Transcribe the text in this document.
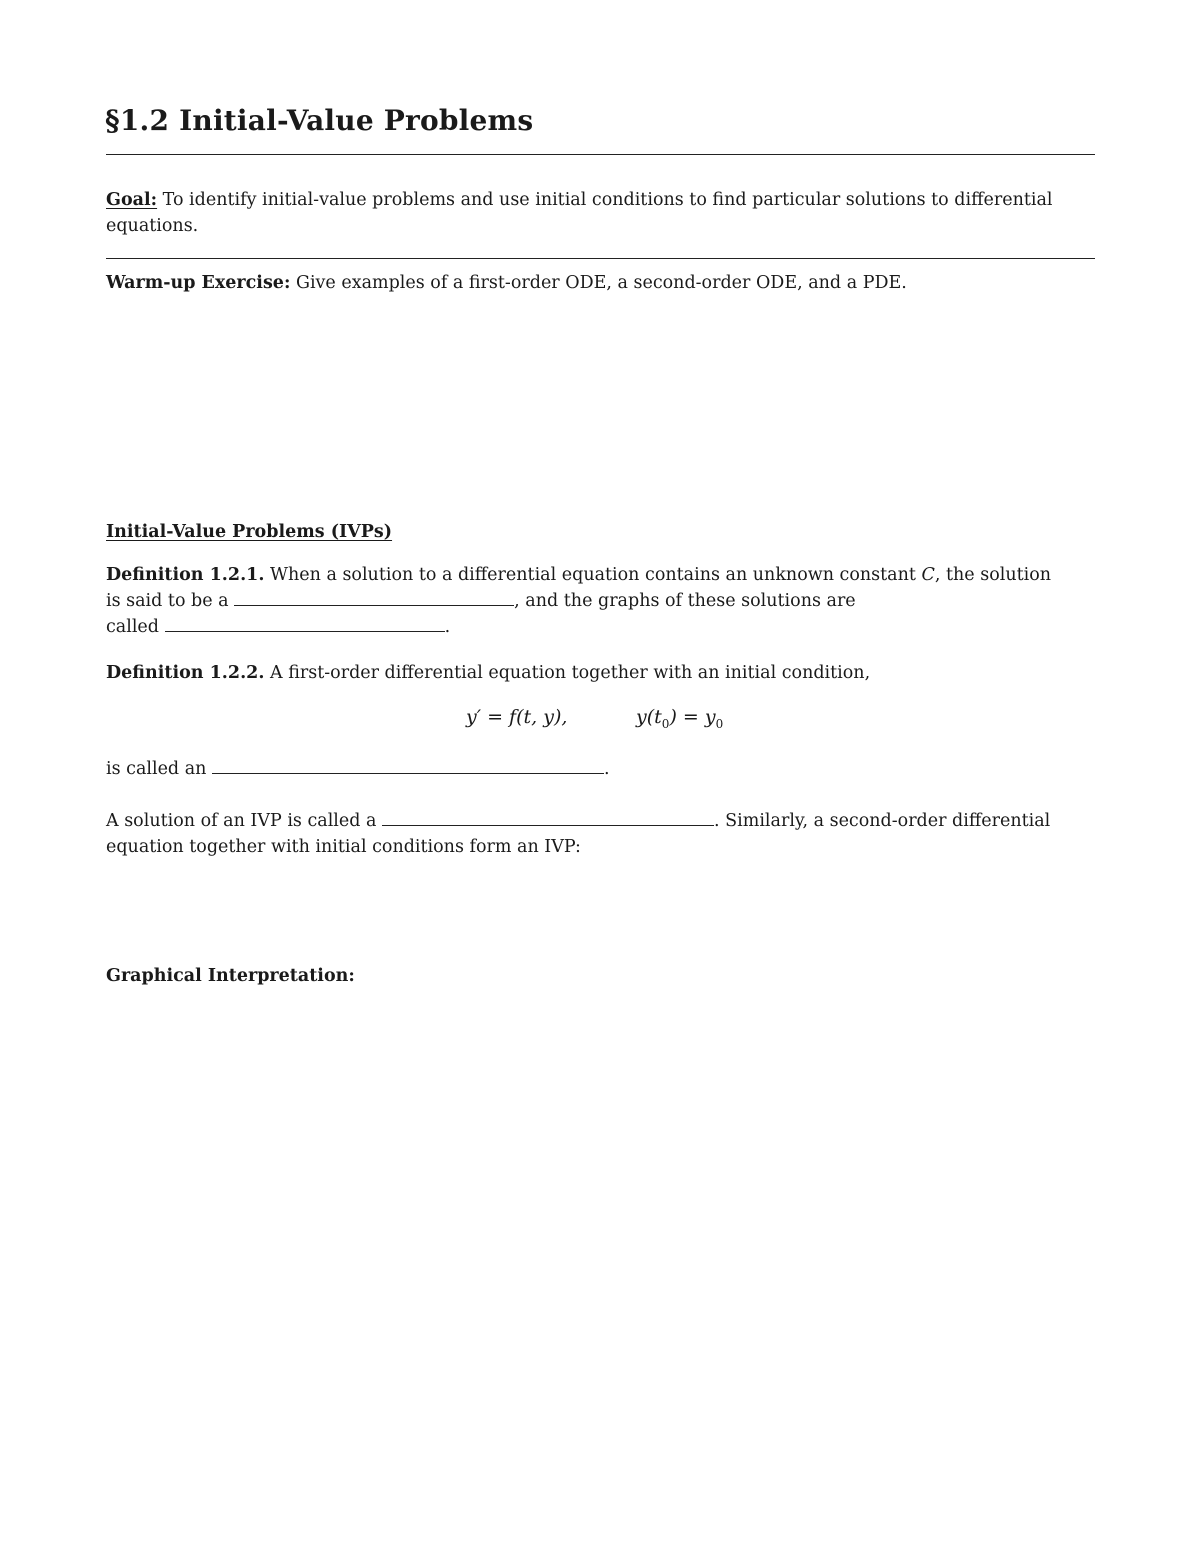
§1.2 Initial-Value Problems
Goal: To identify initial-value problems and use initial conditions to find particular solutions to differential equations.
Warm-up Exercise: Give examples of a first-order ODE, a second-order ODE, and a PDE.
Initial-Value Problems (IVPs)
Definition 1.2.1. When a solution to a differential equation contains an unknown constant C, the solution
is said to be a	, and the graphs of these solutions are
called	.
Definition 1.2.2. A first-order differential equation together with an initial condition,
y′ = f(t, y),	$y(t_0) = y_0$
is called an	.
A solution of an IVP is called a	. Similarly, a second-order differential
equation together with initial conditions form an IVP:
Graphical Interpretation:
